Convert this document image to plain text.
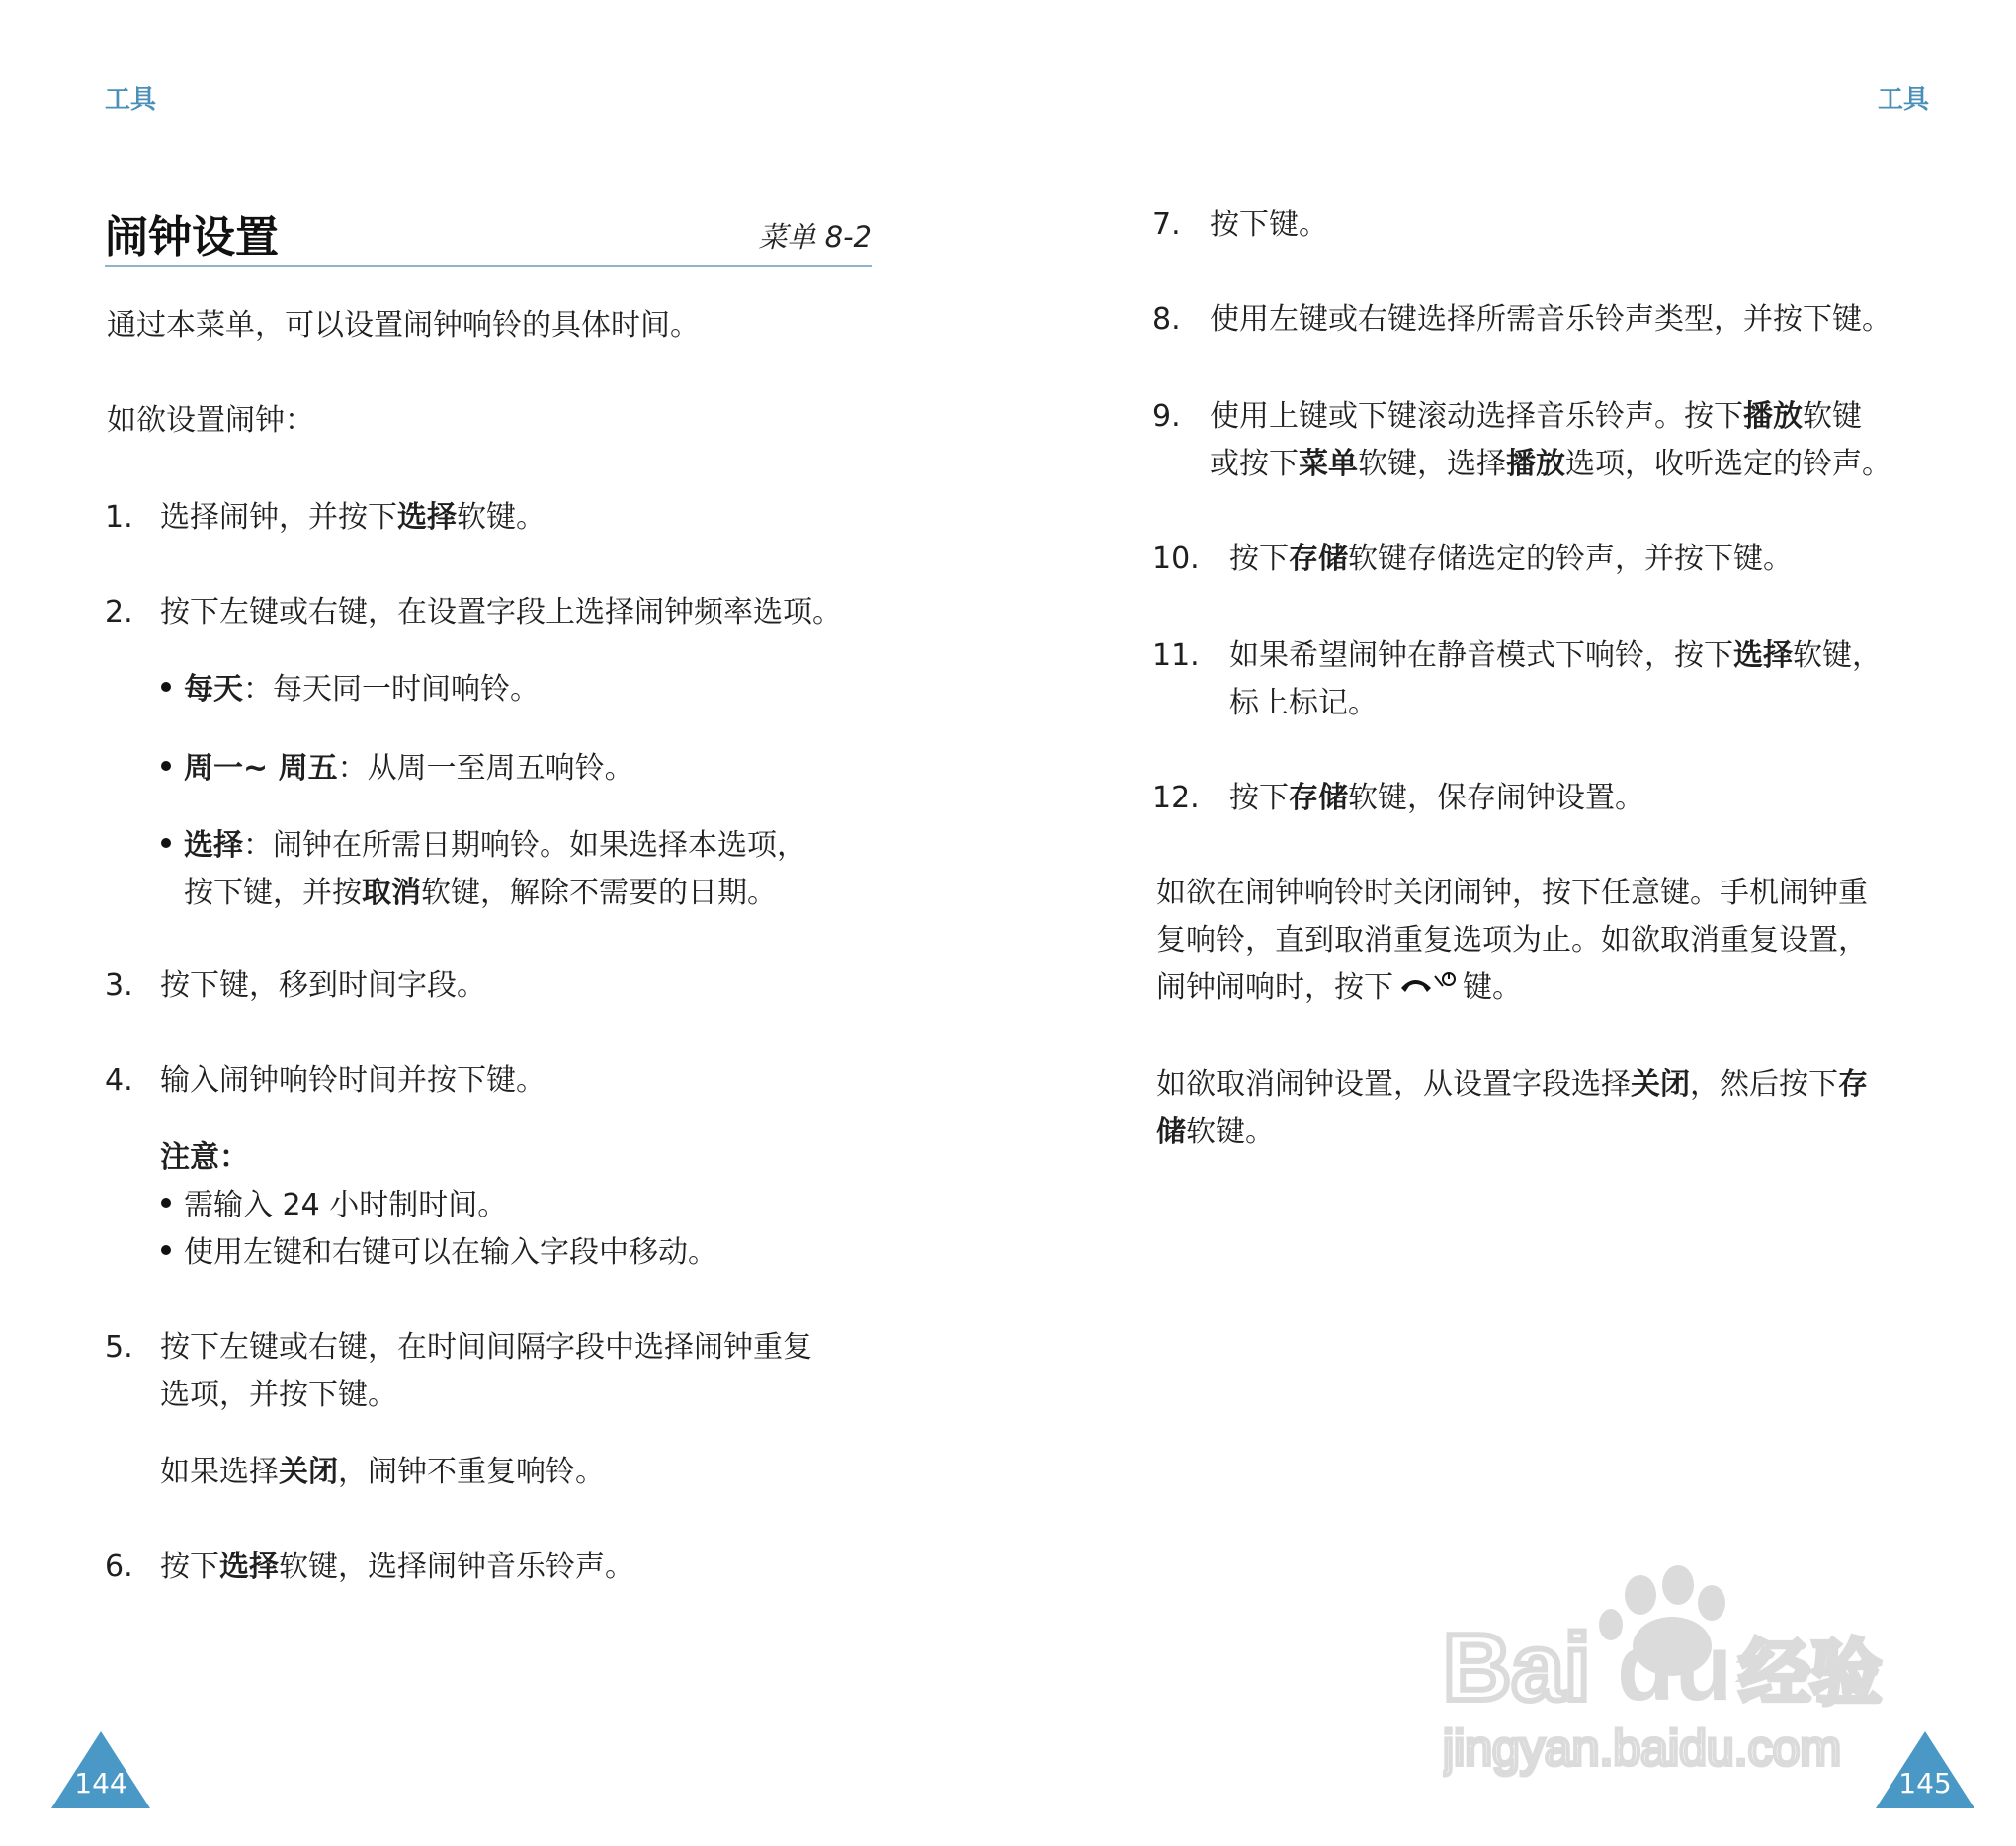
工具
闹钟设置	菜单 8-2
通过本菜单，可以设置闹钟响铃的具体时间。
如欲设置闹钟：
1. 选择闹钟，并按下选择软键。
2. 按下左键或右键，在设置字段上选择闹钟频率选项。
每天：每天同一时间响铃。
周一~ 周五：从周一至周五响铃。
选择：闹钟在所需日期响铃。如果选择本选项，
按下键，并按取消软键，解除不需要的日期。
3. 按下键，移到时间字段。
4. 输入闹钟响铃时间并按下键。
注意：
需输入 24 小时制时间。
使用左键和右键可以在输入字段中移动。
5. 按下左键或右键，在时间间隔字段中选择闹钟重复
选项，并按下键。
如果选择关闭，闹钟不重复响铃。
6. 按下选择软键，选择闹钟音乐铃声。
144
工具
7. 按下键。
8. 使用左键或右键选择所需音乐铃声类型，并按下键。
9. 使用上键或下键滚动选择音乐铃声。按下播放软键
或按下菜单软键，选择播放选项，收听选定的铃声。
10. 按下存储软键存储选定的铃声，并按下键。
11. 如果希望闹钟在静音模式下响铃，按下选择软键，
标上标记。
12. 按下存储软键，保存闹钟设置。
如欲在闹钟响铃时关闭闹钟，按下任意键。手机闹钟重
复响铃，直到取消重复选项为止。如欲取消重复设置，
闹钟闹响时，按下 键。
如欲取消闹钟设置，从设置字段选择关闭，然后按下存
储软键。
145
Bai du 经验
jingyan.baidu.com
